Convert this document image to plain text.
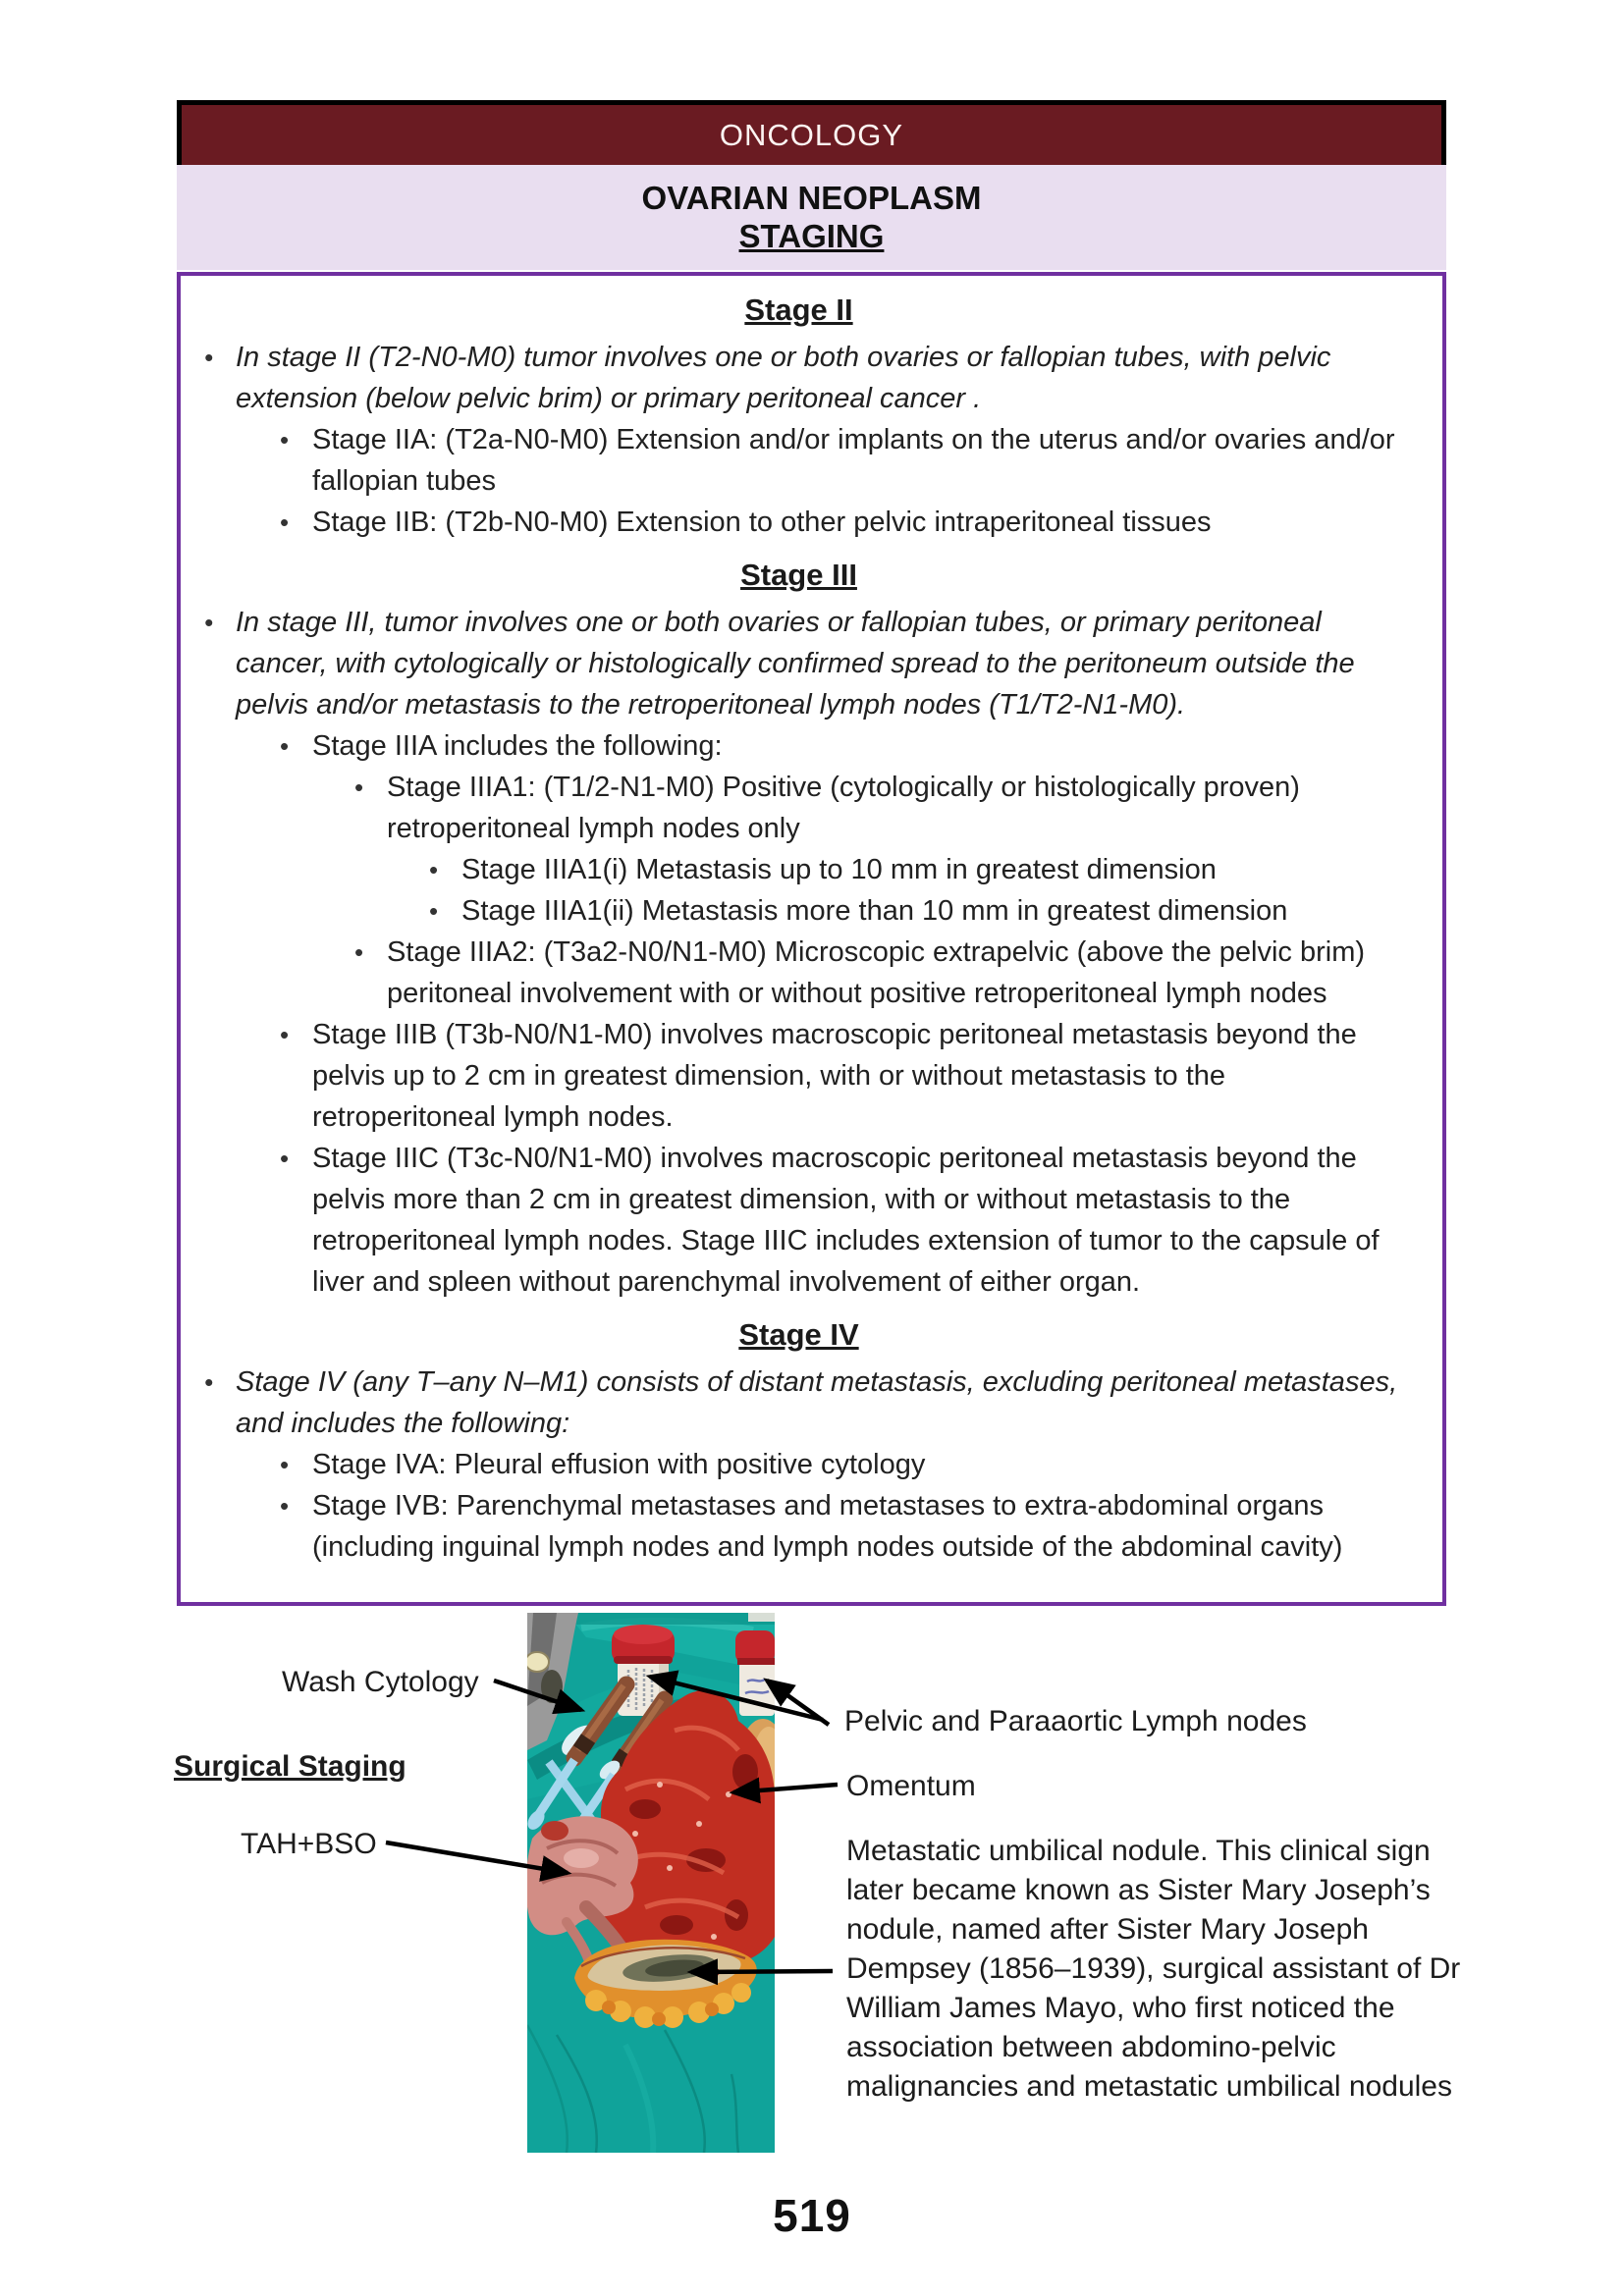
ONCOLOGY
OVARIAN NEOPLASM
STAGING
Stage II
• In stage II (T2-N0-M0) tumor involves one or both ovaries or fallopian tubes, with pelvic extension (below pelvic brim) or primary peritoneal cancer .
• Stage IIA: (T2a-N0-M0) Extension and/or implants on the uterus and/or ovaries and/or fallopian tubes
• Stage IIB: (T2b-N0-M0) Extension to other pelvic intraperitoneal tissues
Stage III
• In stage III, tumor involves one or both ovaries or fallopian tubes, or primary peritoneal cancer, with cytologically or histologically confirmed spread to the peritoneum outside the pelvis and/or metastasis to the retroperitoneal lymph nodes (T1/T2-N1-M0).
• Stage IIIA includes the following:
• Stage IIIA1: (T1/2-N1-M0) Positive (cytologically or histologically proven) retroperitoneal lymph nodes only
• Stage IIIA1(i) Metastasis up to 10 mm in greatest dimension
• Stage IIIA1(ii) Metastasis more than 10 mm in greatest dimension
• Stage IIIA2: (T3a2-N0/N1-M0) Microscopic extrapelvic (above the pelvic brim) peritoneal involvement with or without positive retroperitoneal lymph nodes
• Stage IIIB (T3b-N0/N1-M0) involves macroscopic peritoneal metastasis beyond the pelvis up to 2 cm in greatest dimension, with or without metastasis to the retroperitoneal lymph nodes.
• Stage IIIC (T3c-N0/N1-M0) involves macroscopic peritoneal metastasis beyond the pelvis more than 2 cm in greatest dimension, with or without metastasis to the retroperitoneal lymph nodes. Stage IIIC includes extension of tumor to the capsule of liver and spleen without parenchymal involvement of either organ.
Stage IV
• Stage IV (any T–any N–M1) consists of distant metastasis, excluding peritoneal metastases, and includes the following:
• Stage IVA: Pleural effusion with positive cytology
• Stage IVB: Parenchymal metastases and metastases to extra-abdominal organs (including inguinal lymph nodes and lymph nodes outside of the abdominal cavity)
Wash Cytology
Surgical Staging
TAH+BSO
Pelvic and Paraaortic Lymph nodes
Omentum
Metastatic umbilical nodule. This clinical sign later became known as Sister Mary Joseph’s nodule, named after Sister Mary Joseph Dempsey (1856–1939), surgical assistant of Dr William James Mayo, who first noticed the association between abdomino-pelvic malignancies and metastatic umbilical nodules
519
